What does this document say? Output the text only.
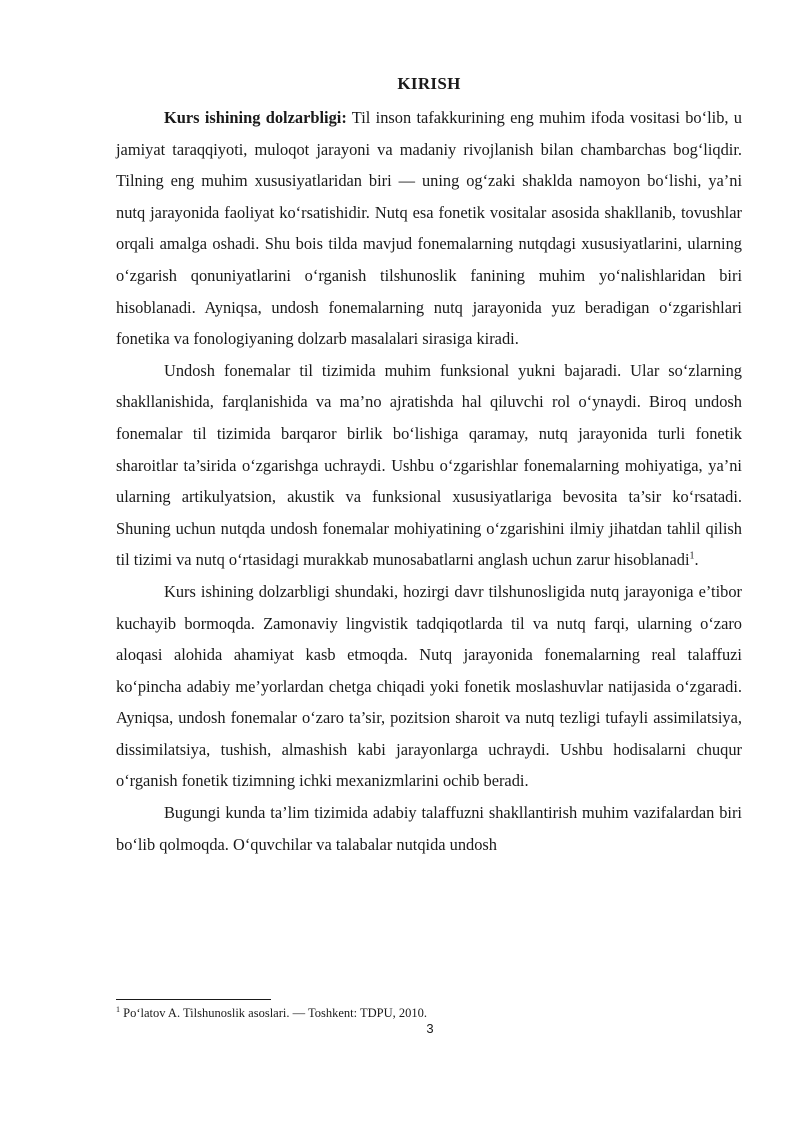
KIRISH

Kurs ishining dolzarbligi: Til inson tafakkurining eng muhim ifoda vositasi bo‘lib, u jamiyat taraqqiyoti, muloqot jarayoni va madaniy rivojlanish bilan chambarchas bog‘liqdir. Tilning eng muhim xususiyatlaridan biri — uning og‘zaki shaklda namoyon bo‘lishi, ya’ni nutq jarayonida faoliyat ko‘rsatishidir. Nutq esa fonetik vositalar asosida shakllanib, tovushlar orqali amalga oshadi. Shu bois tilda mavjud fonemalarning nutqdagi xususiyatlarini, ularning o‘zgarish qonuniyatlarini o‘rganish tilshunoslik fanining muhim yo‘nalishlaridan biri hisoblanadi. Ayniqsa, undosh fonemalarning nutq jarayonida yuz beradigan o‘zgarishlari fonetika va fonologiyaning dolzarb masalalari sirasiga kiradi.

Undosh fonemalar til tizimida muhim funksional yukni bajaradi. Ular so‘zlarning shakllanishida, farqlanishida va ma’no ajratishda hal qiluvchi rol o‘ynaydi. Biroq undosh fonemalar til tizimida barqaror birlik bo‘lishiga qaramay, nutq jarayonida turli fonetik sharoitlar ta’sirida o‘zgarishga uchraydi. Ushbu o‘zgarishlar fonemalarning mohiyatiga, ya’ni ularning artikulyatsion, akustik va funksional xususiyatlariga bevosita ta’sir ko‘rsatadi. Shuning uchun nutqda undosh fonemalar mohiyatining o‘zgarishini ilmiy jihatdan tahlil qilish til tizimi va nutq o‘rtasidagi murakkab munosabatlarni anglash uchun zarur hisoblanadi$^1$.

Kurs ishining dolzarbligi shundaki, hozirgi davr tilshunosligida nutq jarayoniga e’tibor kuchayib bormoqda. Zamonaviy lingvistik tadqiqotlarda til va nutq farqi, ularning o‘zaro aloqasi alohida ahamiyat kasb etmoqda. Nutq jarayonida fonemalarning real talaffuzi ko‘pincha adabiy me’yorlardan chetga chiqadi yoki fonetik moslashuvlar natijasida o‘zgaradi. Ayniqsa, undosh fonemalar o‘zaro ta’sir, pozitsion sharoit va nutq tezligi tufayli assimilatsiya, dissimilatsiya, tushish, almashish kabi jarayonlarga uchraydi. Ushbu hodisalarni chuqur o‘rganish fonetik tizimning ichki mexanizmlarini ochib beradi.

Bugungi kunda ta’lim tizimida adabiy talaffuzni shakllantirish muhim vazifalardan biri bo‘lib qolmoqda. O‘quvchilar va talabalar nutqida undosh

$^1$ Po‘latov A. Tilshunoslik asoslari. — Toshkent: TDPU, 2010.
3
